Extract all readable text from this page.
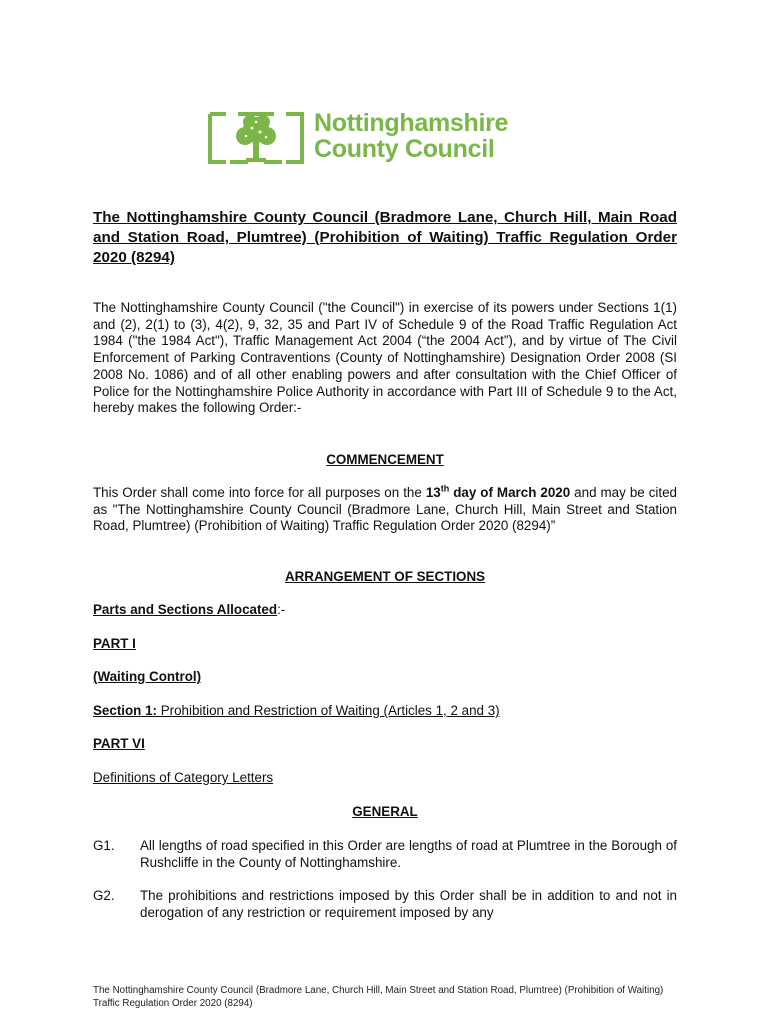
Nottinghamshire
County Council
The Nottinghamshire County Council (Bradmore Lane, Church Hill, Main Road and Station Road, Plumtree) (Prohibition of Waiting) Traffic Regulation Order 2020 (8294)
The Nottinghamshire County Council ("the Council") in exercise of its powers under Sections 1(1) and (2), 2(1) to (3), 4(2), 9, 32, 35 and Part IV of Schedule 9 of the Road Traffic Regulation Act 1984 ("the 1984 Act"), Traffic Management Act 2004 (“the 2004 Act”), and by virtue of The Civil Enforcement of Parking Contraventions (County of Nottinghamshire) Designation Order 2008 (SI 2008 No. 1086) and of all other enabling powers and after consultation with the Chief Officer of Police for the Nottinghamshire Police Authority in accordance with Part III of Schedule 9 to the Act, hereby makes the following Order:-
COMMENCEMENT
This Order shall come into force for all purposes on the 13th day of March 2020 and may be cited as "The Nottinghamshire County Council (Bradmore Lane, Church Hill, Main Street and Station Road, Plumtree) (Prohibition of Waiting) Traffic Regulation Order 2020 (8294)”
ARRANGEMENT OF SECTIONS
Parts and Sections Allocated:-
PART I
(Waiting Control)
Section 1: Prohibition and Restriction of Waiting (Articles 1, 2 and 3)
PART VI
Definitions of Category Letters
GENERAL
G1. All lengths of road specified in this Order are lengths of road at Plumtree in the Borough of Rushcliffe in the County of Nottinghamshire.
G2. The prohibitions and restrictions imposed by this Order shall be in addition to and not in derogation of any restriction or requirement imposed by any
The Nottinghamshire County Council (Bradmore Lane, Church Hill, Main Street and Station Road, Plumtree) (Prohibition of Waiting) Traffic Regulation Order 2020 (8294)
